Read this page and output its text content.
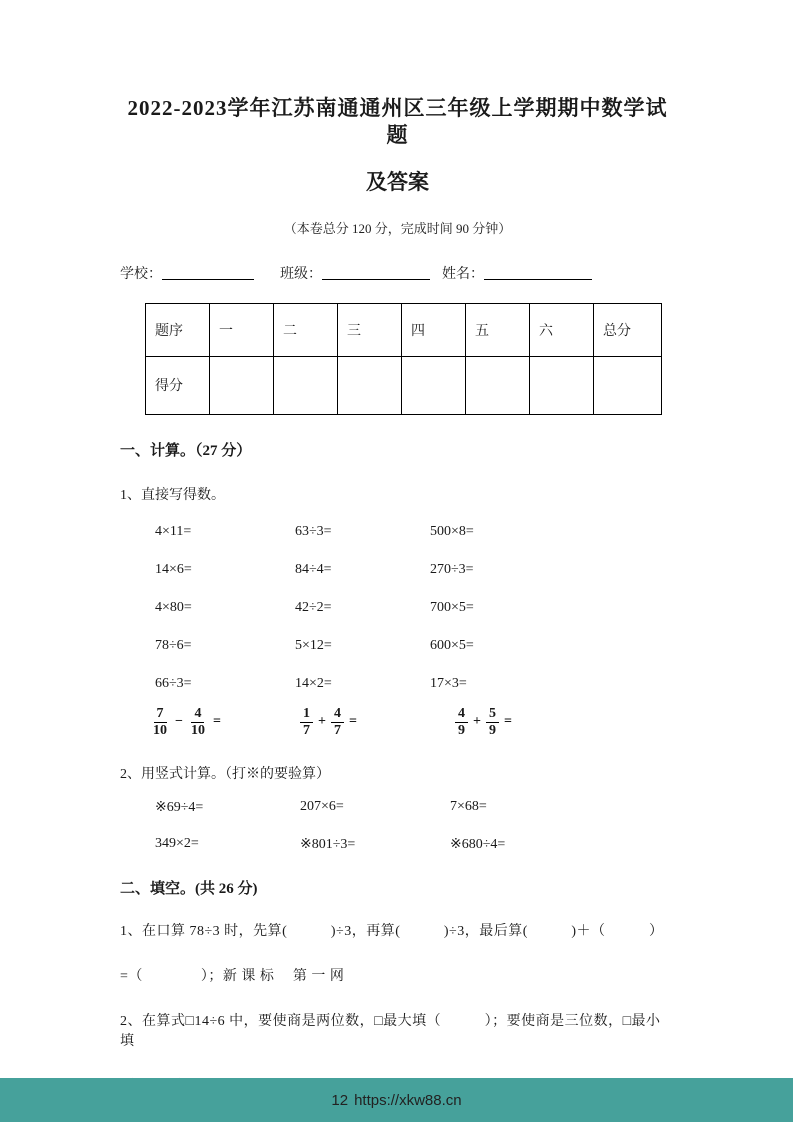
2022-2023学年江苏南通通州区三年级上学期期中数学试题
及答案
（本卷总分 120 分，完成时间 90 分钟）
学校：	班级：	姓名：
题序	一	二	三	四	五	六	总分
得分							
一、计算。（27 分）
1、直接写得数。
4×11=	63÷3=	500×8=
14×6=	84÷4=	270÷3=
4×80=	42÷2=	700×5=
78÷6=	5×12=	600×5=
66÷3=	14×2=	17×3=
$\frac{7}{10} - \frac{4}{10}$ =	$\frac{1}{7} + \frac{4}{7}$ =	$\frac{4}{9} + \frac{5}{9}$ =
2、用竖式计算。（打※的要验算）
※69÷4=	207×6=	7×68=
349×2=	※801÷3=	※680÷4=
二、填空。(共 26 分)
1、在口算 78÷3 时，先算(　　　)÷3，再算(　　　)÷3，最后算(　　　)＋（　　　）
=（　　　　）；新 课 标　 第 一 网
2、在算式□14÷6 中，要使商是两位数，□最大填（　　　）；要使商是三位数，□最小填
12 https://xkw88.cn
